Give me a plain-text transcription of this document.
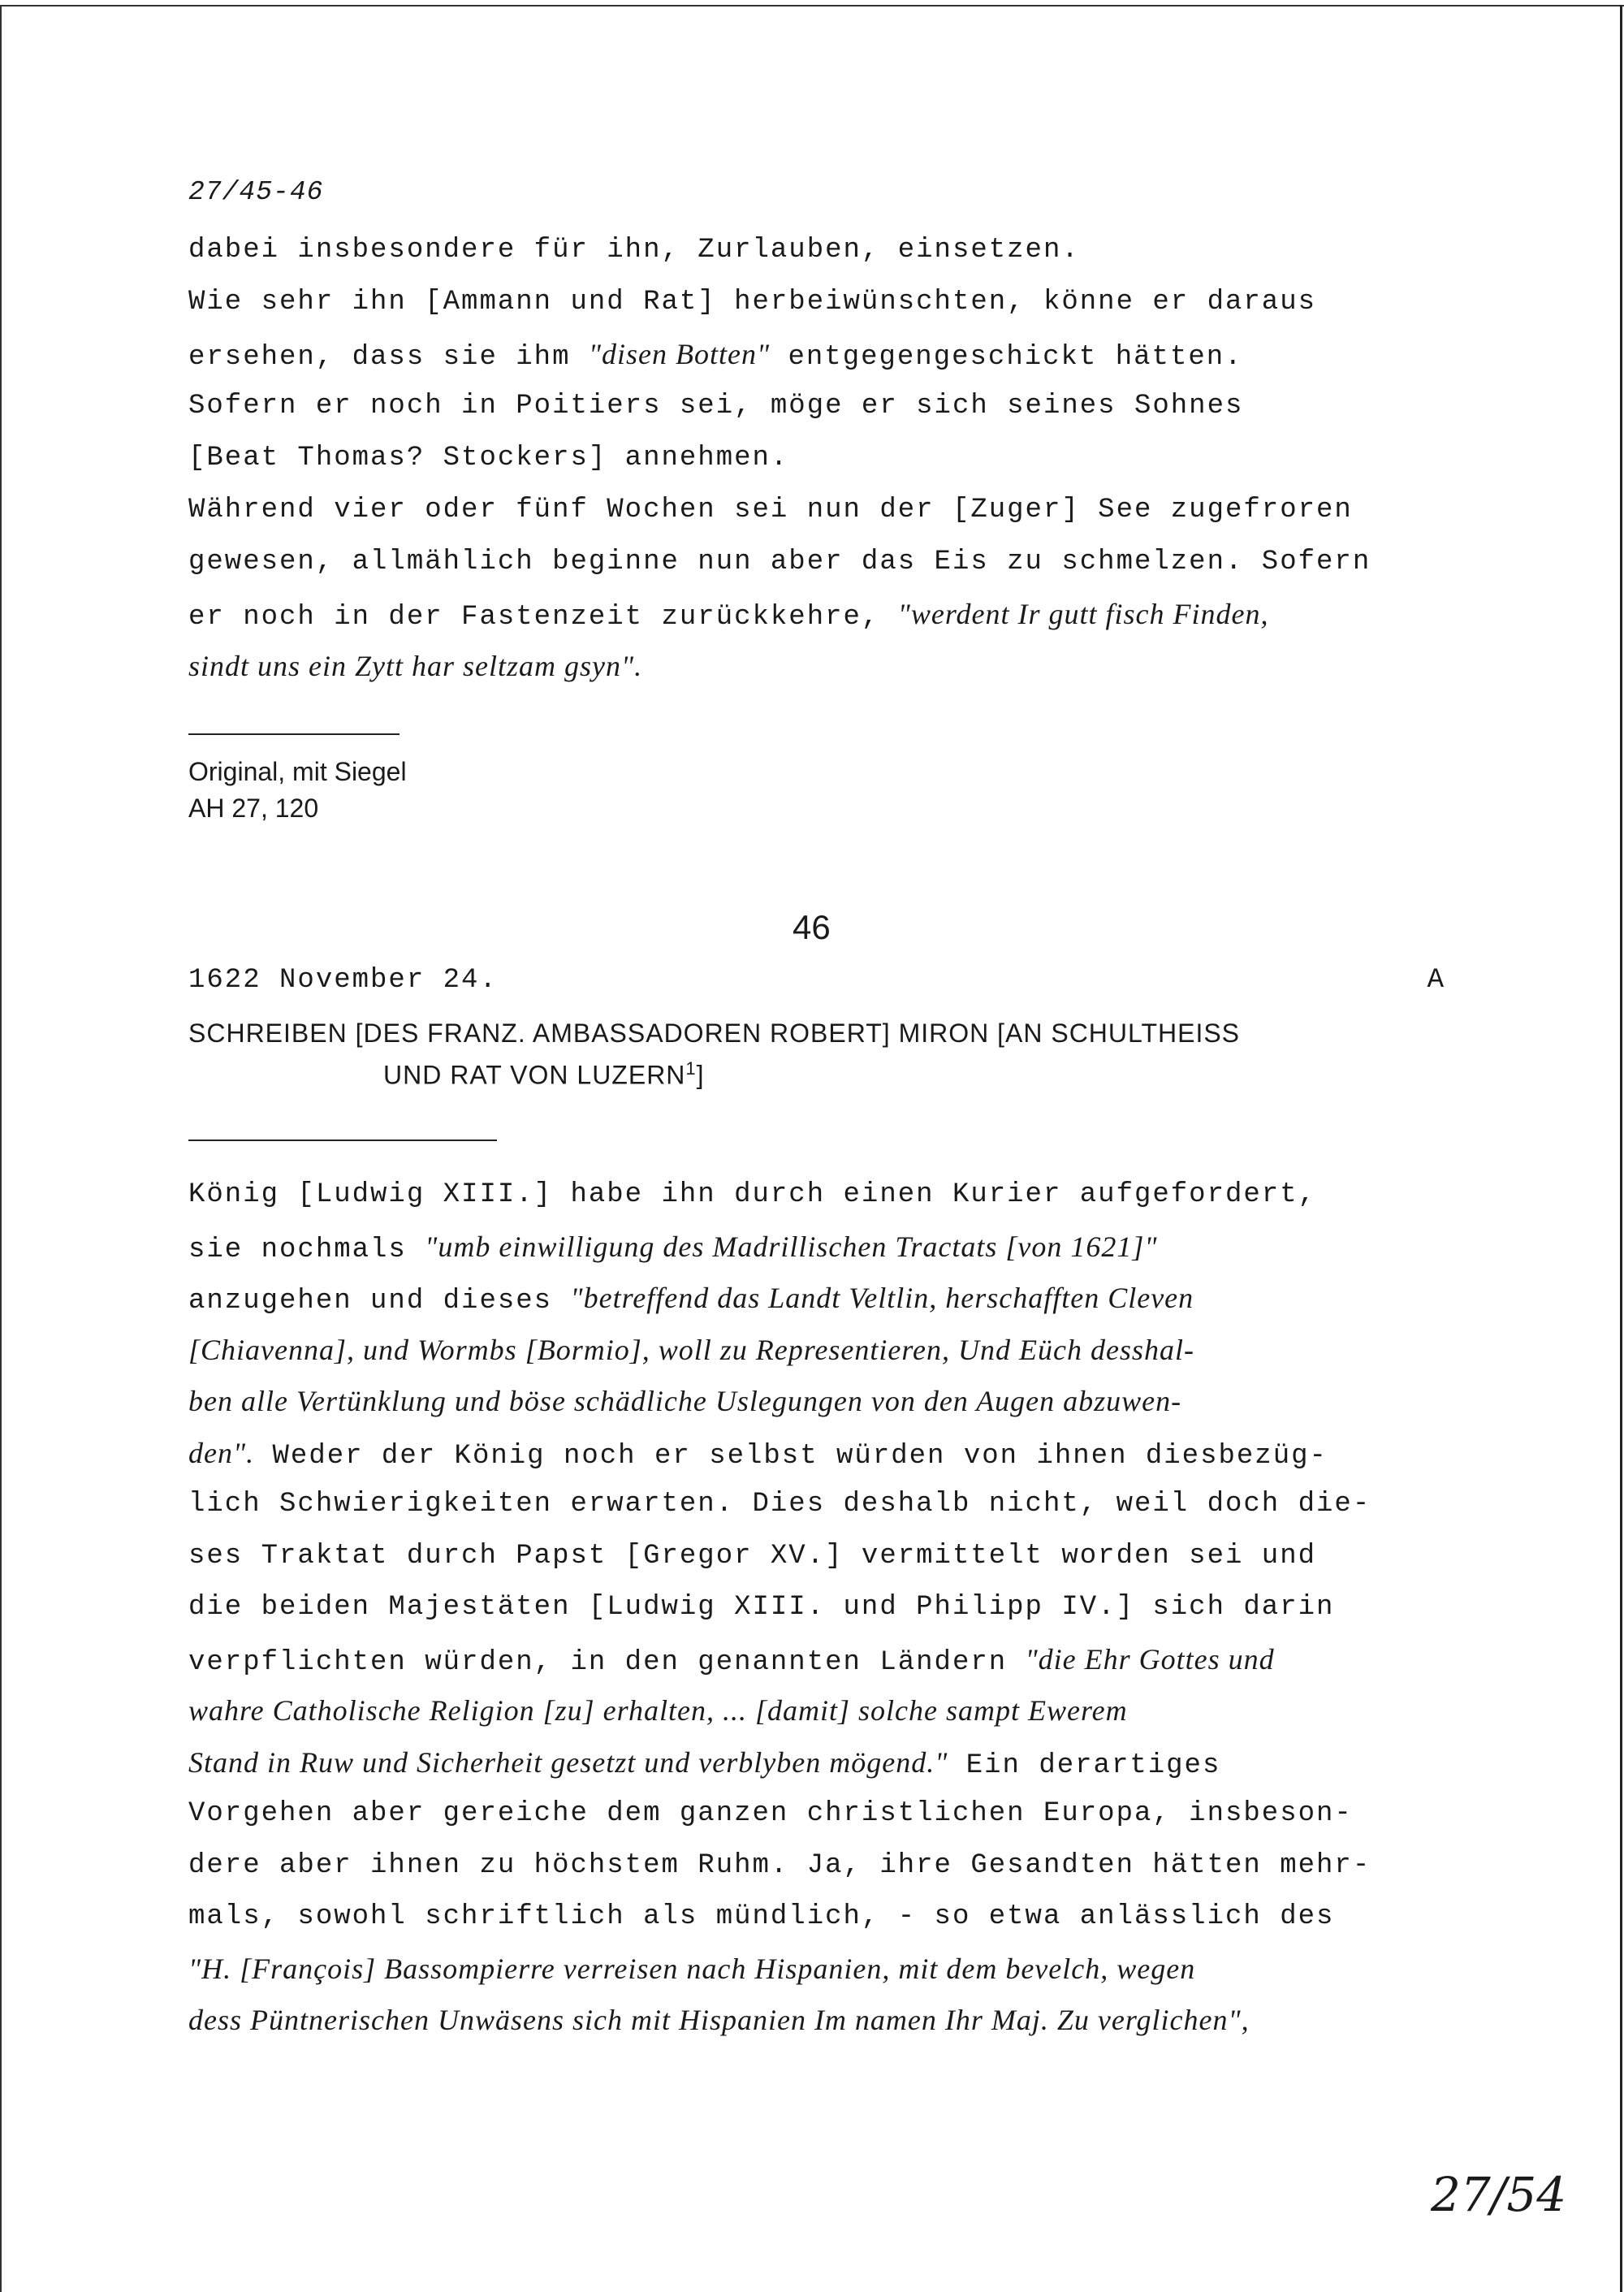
27/45-46
dabei insbesondere für ihn, Zurlauben, einsetzen.
Wie sehr ihn [Ammann und Rat] herbeiwünschten, könne er daraus
ersehen, dass sie ihm "disen Botten" entgegengeschickt hätten.
Sofern er noch in Poitiers sei, möge er sich seines Sohnes
[Beat Thomas? Stockers] annehmen.
Während vier oder fünf Wochen sei nun der [Zuger] See zugefroren
gewesen, allmählich beginne nun aber das Eis zu schmelzen. Sofern
er noch in der Fastenzeit zurückkehre, "werdent Ir gutt fisch Finden,
sindt uns ein Zytt har seltzam gsyn".
Original, mit Siegel
AH 27, 120
46
1622 November 24.	A
SCHREIBEN [DES FRANZ. AMBASSADOREN ROBERT] MIRON [AN SCHULTHEISS
UND RAT VON LUZERN$^1$]
König [Ludwig XIII.] habe ihn durch einen Kurier aufgefordert,
sie nochmals "umb einwilligung des Madrillischen Tractats [von 1621]"
anzugehen und dieses "betreffend das Landt Veltlin, herschafften Cleven
[Chiavenna], und Wormbs [Bormio], woll zu Representieren, Und Eüch desshal-
ben alle Vertünklung und böse schädliche Uslegungen von den Augen abzuwen-
den". Weder der König noch er selbst würden von ihnen diesbezüg-
lich Schwierigkeiten erwarten. Dies deshalb nicht, weil doch die-
ses Traktat durch Papst [Gregor XV.] vermittelt worden sei und
die beiden Majestäten [Ludwig XIII. und Philipp IV.] sich darin
verpflichten würden, in den genannten Ländern "die Ehr Gottes und
wahre Catholische Religion [zu] erhalten, ... [damit] solche sampt Ewerem
Stand in Ruw und Sicherheit gesetzt und verblyben mögend." Ein derartiges
Vorgehen aber gereiche dem ganzen christlichen Europa, insbeson-
dere aber ihnen zu höchstem Ruhm. Ja, ihre Gesandten hätten mehr-
mals, sowohl schriftlich als mündlich, - so etwa anlässlich des
"H. [François] Bassompierre verreisen nach Hispanien, mit dem bevelch, wegen
dess Püntnerischen Unwäsens sich mit Hispanien Im namen Ihr Maj. Zu verglichen",
27/54
